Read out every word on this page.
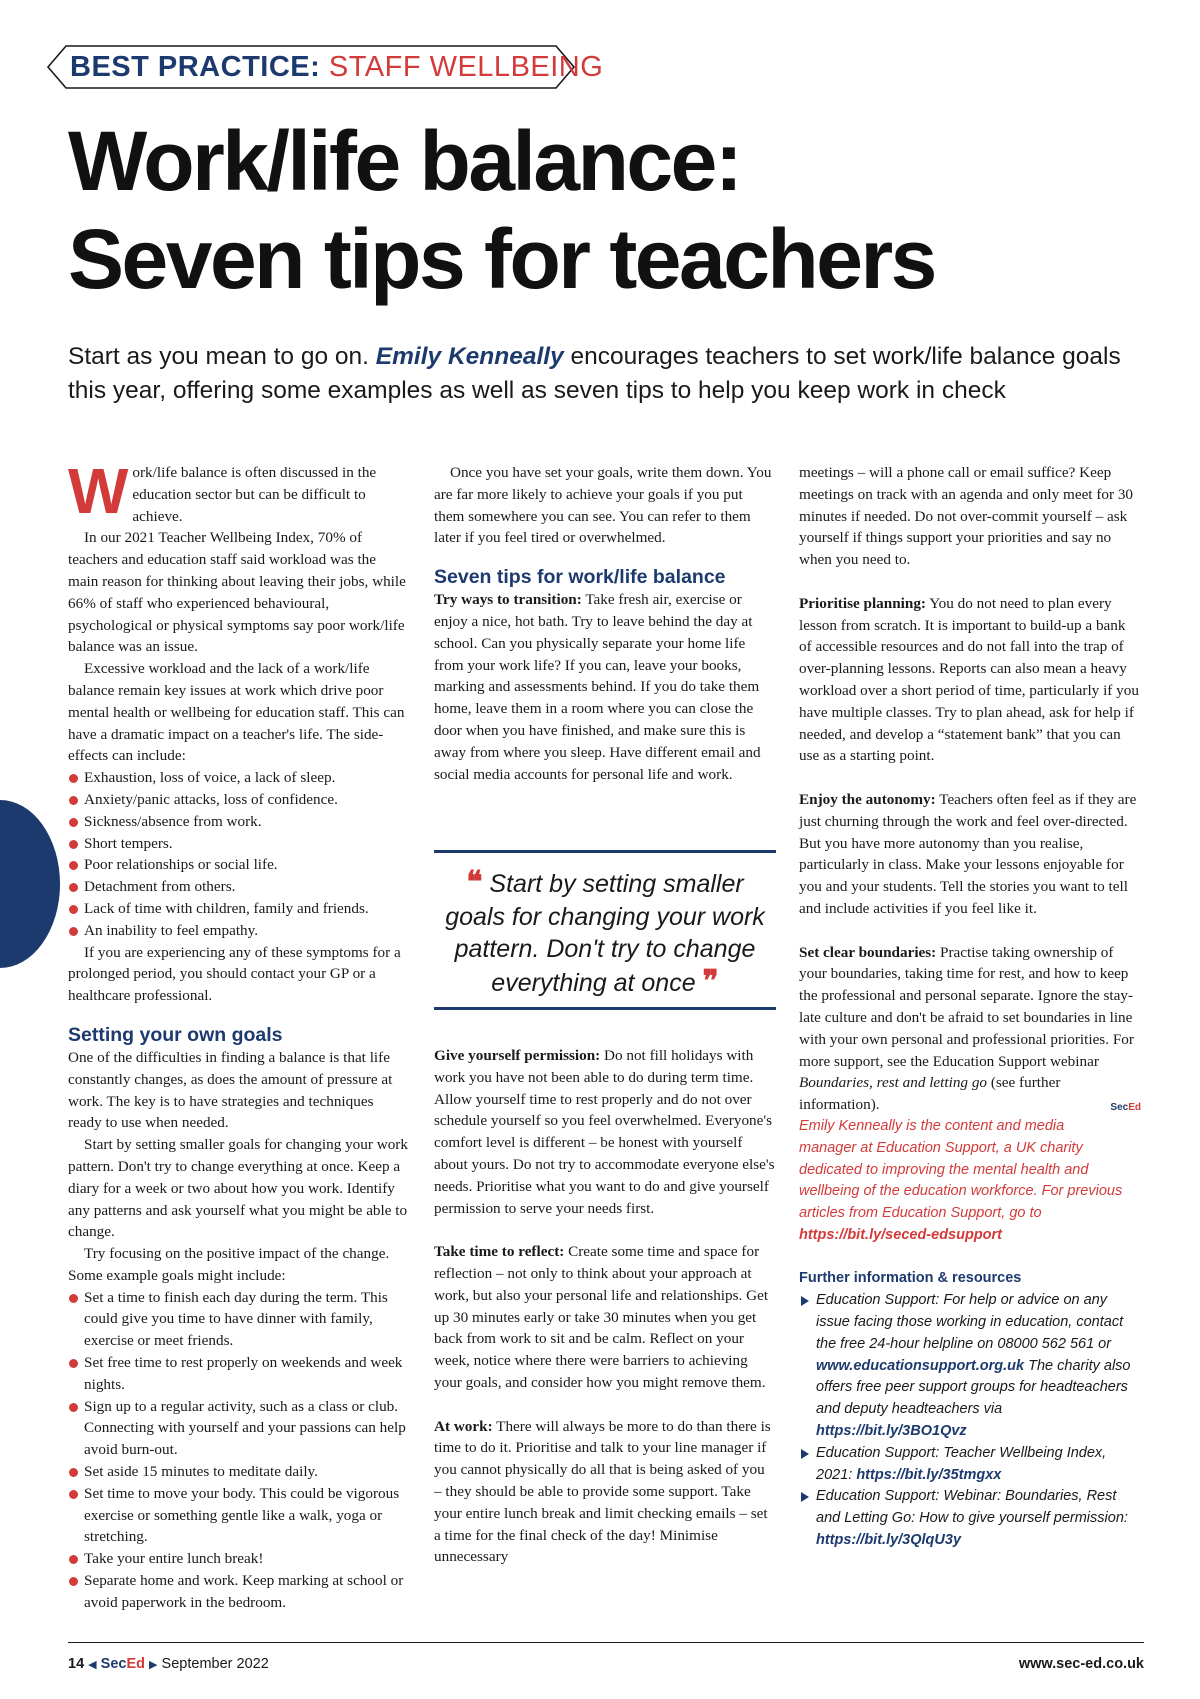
BEST PRACTICE: STAFF WELLBEING
Work/life balance:
Seven tips for teachers

Start as you mean to go on. Emily Kenneally encourages teachers to set work/life balance goals this year, offering some examples as well as seven tips to help you keep work in check

Work/life balance is often discussed in the education sector but can be difficult to achieve.

In our 2021 Teacher Wellbeing Index, 70% of teachers and education staff said workload was the main reason for thinking about leaving their jobs, while 66% of staff who experienced behavioural, psychological or physical symptoms say poor work/life balance was an issue.

Excessive workload and the lack of a work/life balance remain key issues at work which drive poor mental health or wellbeing for education staff. This can have a dramatic impact on a teacher's life. The side-effects can include:

Exhaustion, loss of voice, a lack of sleep.
Anxiety/panic attacks, loss of confidence.
Sickness/absence from work.
Short tempers.
Poor relationships or social life.
Detachment from others.
Lack of time with children, family and friends.
An inability to feel empathy.

If you are experiencing any of these symptoms for a prolonged period, you should contact your GP or a healthcare professional.

Setting your own goals

One of the difficulties in finding a balance is that life constantly changes, as does the amount of pressure at work. The key is to have strategies and techniques ready to use when needed.

Start by setting smaller goals for changing your work pattern. Don't try to change everything at once. Keep a diary for a week or two about how you work. Identify any patterns and ask yourself what you might be able to change.

Try focusing on the positive impact of the change. Some example goals might include:

Set a time to finish each day during the term. This could give you time to have dinner with family, exercise or meet friends.
Set free time to rest properly on weekends and week nights.
Sign up to a regular activity, such as a class or club. Connecting with yourself and your passions can help avoid burn-out.
Set aside 15 minutes to meditate daily.
Set time to move your body. This could be vigorous exercise or something gentle like a walk, yoga or stretching.
Take your entire lunch break!
Separate home and work. Keep marking at school or avoid paperwork in the bedroom.

Once you have set your goals, write them down. You are far more likely to achieve your goals if you put them somewhere you can see. You can refer to them later if you feel tired or overwhelmed.

Seven tips for work/life balance

Try ways to transition: Take fresh air, exercise or enjoy a nice, hot bath. Try to leave behind the day at school. Can you physically separate your home life from your work life? If you can, leave your books, marking and assessments behind. If you do take them home, leave them in a room where you can close the door when you have finished, and make sure this is away from where you sleep. Have different email and social media accounts for personal life and work.

❝ Start by setting smaller goals for changing your work pattern. Don't try to change everything at once ❞

Give yourself permission: Do not fill holidays with work you have not been able to do during term time. Allow yourself time to rest properly and do not over schedule yourself so you feel overwhelmed. Everyone's comfort level is different – be honest with yourself about yours. Do not try to accommodate everyone else's needs. Prioritise what you want to do and give yourself permission to serve your needs first.

Take time to reflect: Create some time and space for reflection – not only to think about your approach at work, but also your personal life and relationships. Get up 30 minutes early or take 30 minutes when you get back from work to sit and be calm. Reflect on your week, notice where there were barriers to achieving your goals, and consider how you might remove them.

At work: There will always be more to do than there is time to do it. Prioritise and talk to your line manager if you cannot physically do all that is being asked of you – they should be able to provide some support. Take your entire lunch break and limit checking emails – set a time for the final check of the day! Minimise unnecessary

meetings – will a phone call or email suffice? Keep meetings on track with an agenda and only meet for 30 minutes if needed. Do not over-commit yourself – ask yourself if things support your priorities and say no when you need to.

Prioritise planning: You do not need to plan every lesson from scratch. It is important to build-up a bank of accessible resources and do not fall into the trap of over-planning lessons. Reports can also mean a heavy workload over a short period of time, particularly if you have multiple classes. Try to plan ahead, ask for help if needed, and develop a “statement bank” that you can use as a starting point.

Enjoy the autonomy: Teachers often feel as if they are just churning through the work and feel over-directed. But you have more autonomy than you realise, particularly in class. Make your lessons enjoyable for you and your students. Tell the stories you want to tell and include activities if you feel like it.

Set clear boundaries: Practise taking ownership of your boundaries, taking time for rest, and how to keep the professional and personal separate. Ignore the stay-late culture and don't be afraid to set boundaries in line with your own personal and professional priorities. For more support, see the Education Support webinar Boundaries, rest and letting go (see further information).	SecEd

Emily Kenneally is the content and media manager at Education Support, a UK charity dedicated to improving the mental health and wellbeing of the education workforce. For previous articles from Education Support, go to https://bit.ly/seced-edsupport

Further information & resources
Education Support: For help or advice on any issue facing those working in education, contact the free 24-hour helpline on 08000 562 561 or www.educationsupport.org.uk The charity also offers free peer support groups for headteachers and deputy headteachers via https://bit.ly/3BO1Qvz
Education Support: Teacher Wellbeing Index, 2021: https://bit.ly/35tmgxx
Education Support: Webinar: Boundaries, Rest and Letting Go: How to give yourself permission: https://bit.ly/3QlqU3y
14 ◀ SecEd ▶ September 2022	www.sec-ed.co.uk
